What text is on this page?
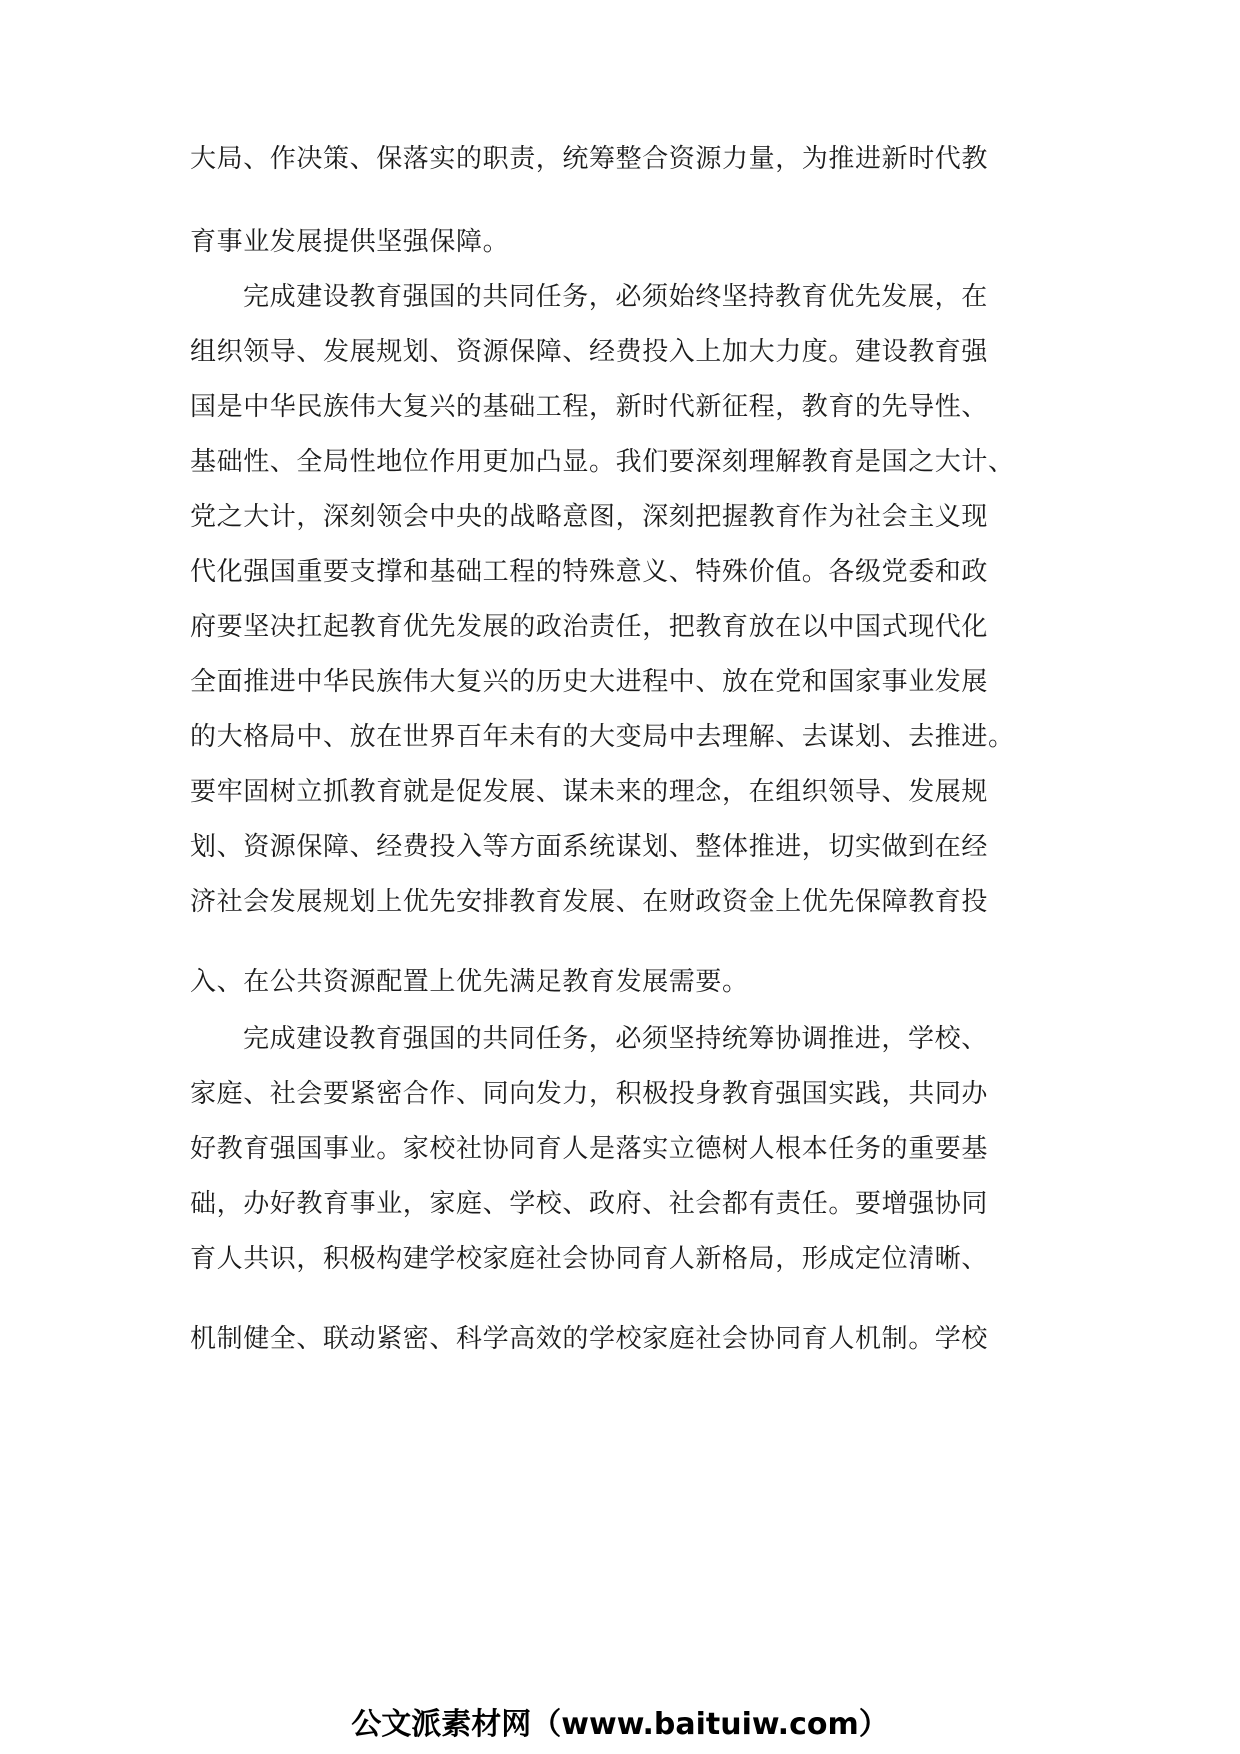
大局、作决策、保落实的职责，统筹整合资源力量，为推进新时代教
育事业发展提供坚强保障。
完成建设教育强国的共同任务，必须始终坚持教育优先发展，在
组织领导、发展规划、资源保障、经费投入上加大力度。建设教育强
国是中华民族伟大复兴的基础工程，新时代新征程，教育的先导性、
基础性、全局性地位作用更加凸显。我们要深刻理解教育是国之大计、
党之大计，深刻领会中央的战略意图，深刻把握教育作为社会主义现
代化强国重要支撑和基础工程的特殊意义、特殊价值。各级党委和政
府要坚决扛起教育优先发展的政治责任，把教育放在以中国式现代化
全面推进中华民族伟大复兴的历史大进程中、放在党和国家事业发展
的大格局中、放在世界百年未有的大变局中去理解、去谋划、去推进。
要牢固树立抓教育就是促发展、谋未来的理念，在组织领导、发展规
划、资源保障、经费投入等方面系统谋划、整体推进，切实做到在经
济社会发展规划上优先安排教育发展、在财政资金上优先保障教育投
入、在公共资源配置上优先满足教育发展需要。
完成建设教育强国的共同任务，必须坚持统筹协调推进，学校、
家庭、社会要紧密合作、同向发力，积极投身教育强国实践，共同办
好教育强国事业。家校社协同育人是落实立德树人根本任务的重要基
础，办好教育事业，家庭、学校、政府、社会都有责任。要增强协同
育人共识，积极构建学校家庭社会协同育人新格局，形成定位清晰、
机制健全、联动紧密、科学高效的学校家庭社会协同育人机制。学校
公文派素材网（www.baituiw.com）
